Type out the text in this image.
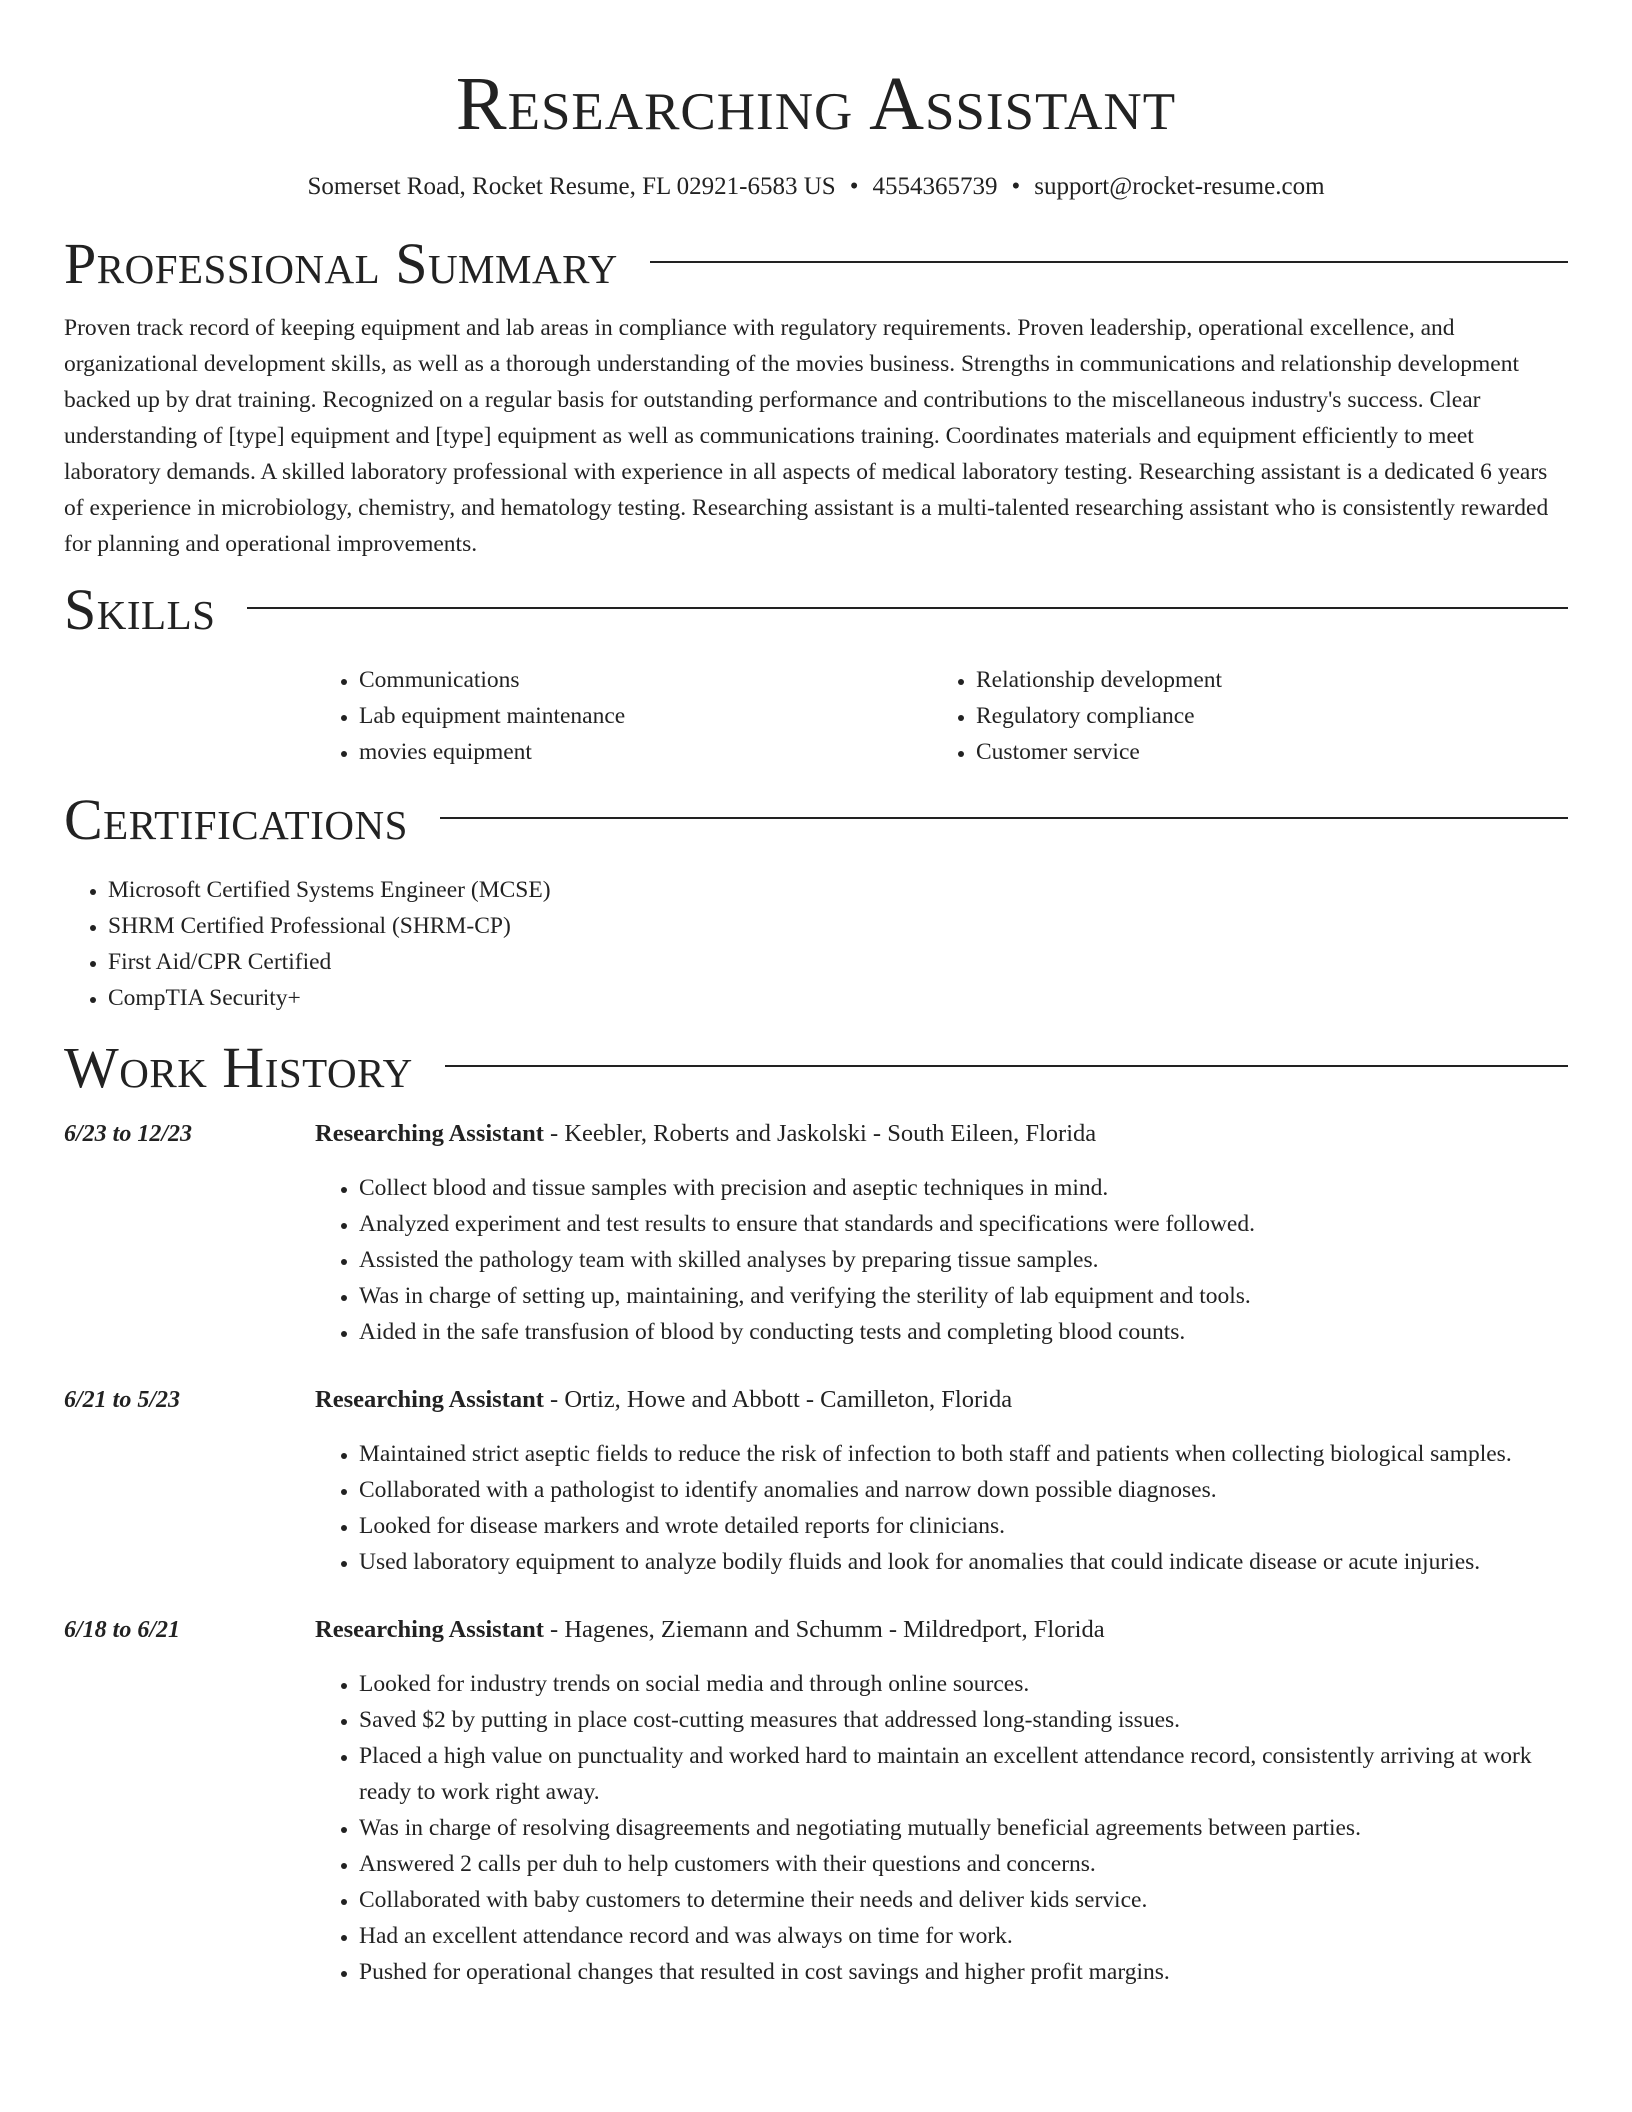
Researching Assistant
Somerset Road, Rocket Resume, FL 02921-6583 US • 4554365739 • support@rocket-resume.com
Professional Summary

Proven track record of keeping equipment and lab areas in compliance with regulatory requirements. Proven leadership, operational excellence, and organizational development skills, as well as a thorough understanding of the movies business. Strengths in communications and relationship development backed up by drat training. Recognized on a regular basis for outstanding performance and contributions to the miscellaneous industry's success. Clear understanding of [type] equipment and [type] equipment as well as communications training. Coordinates materials and equipment efficiently to meet laboratory demands. A skilled laboratory professional with experience in all aspects of medical laboratory testing. Researching assistant is a dedicated 6 years of experience in microbiology, chemistry, and hematology testing. Researching assistant is a multi-talented researching assistant who is consistently rewarded for planning and operational improvements.

Skills
• Communications
• Lab equipment maintenance
• movies equipment
• Relationship development
• Regulatory compliance
• Customer service
Certifications
• Microsoft Certified Systems Engineer (MCSE)
• SHRM Certified Professional (SHRM-CP)
• First Aid/CPR Certified
• CompTIA Security+
Work History
6/23 to 12/23	Researching Assistant - Keebler, Roberts and Jaskolski - South Eileen, Florida
• Collect blood and tissue samples with precision and aseptic techniques in mind.
• Analyzed experiment and test results to ensure that standards and specifications were followed.
• Assisted the pathology team with skilled analyses by preparing tissue samples.
• Was in charge of setting up, maintaining, and verifying the sterility of lab equipment and tools.
• Aided in the safe transfusion of blood by conducting tests and completing blood counts.
6/21 to 5/23	Researching Assistant - Ortiz, Howe and Abbott - Camilleton, Florida
• Maintained strict aseptic fields to reduce the risk of infection to both staff and patients when collecting biological samples.
• Collaborated with a pathologist to identify anomalies and narrow down possible diagnoses.
• Looked for disease markers and wrote detailed reports for clinicians.
• Used laboratory equipment to analyze bodily fluids and look for anomalies that could indicate disease or acute injuries.
6/18 to 6/21	Researching Assistant - Hagenes, Ziemann and Schumm - Mildredport, Florida
• Looked for industry trends on social media and through online sources.
• Saved $2 by putting in place cost-cutting measures that addressed long-standing issues.
• Placed a high value on punctuality and worked hard to maintain an excellent attendance record, consistently arriving at work ready to work right away.
• Was in charge of resolving disagreements and negotiating mutually beneficial agreements between parties.
• Answered 2 calls per duh to help customers with their questions and concerns.
• Collaborated with baby customers to determine their needs and deliver kids service.
• Had an excellent attendance record and was always on time for work.
• Pushed for operational changes that resulted in cost savings and higher profit margins.
